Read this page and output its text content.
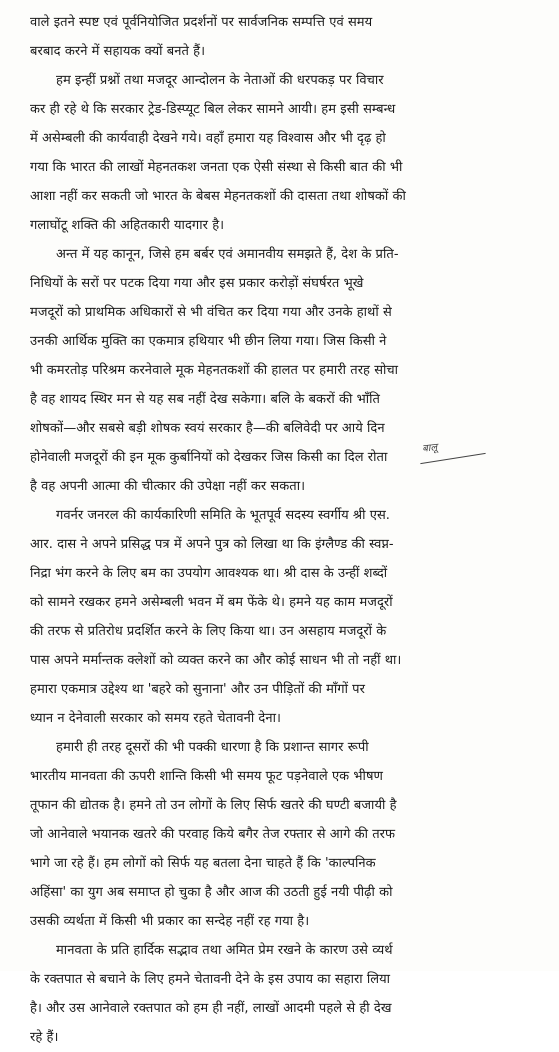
वाले इतने स्पष्ट एवं पूर्वनियोजित प्रदर्शनों पर सार्वजनिक सम्पत्ति एवं समय
बरबाद करने में सहायक क्यों बनते हैं।
हम इन्हीं प्रश्नों तथा मजदूर आन्दोलन के नेताओं की धरपकड़ पर विचार
कर ही रहे थे कि सरकार ट्रेड-डिस्प्यूट बिल लेकर सामने आयी। हम इसी सम्बन्ध
में असेम्बली की कार्यवाही देखने गये। वहाँ हमारा यह विश्वास और भी दृढ़ हो
गया कि भारत की लाखों मेहनतकश जनता एक ऐसी संस्था से किसी बात की भी
आशा नहीं कर सकती जो भारत के बेबस मेहनतकशों की दासता तथा शोषकों की
गलाघोंटू शक्ति की अहितकारी यादगार है।
अन्त में यह कानून, जिसे हम बर्बर एवं अमानवीय समझते हैं, देश के प्रति-
निधियों के सरों पर पटक दिया गया और इस प्रकार करोड़ों संघर्षरत भूखे
मजदूरों को प्राथमिक अधिकारों से भी वंचित कर दिया गया और उनके हाथों से
उनकी आर्थिक मुक्ति का एकमात्र हथियार भी छीन लिया गया। जिस किसी ने
भी कमरतोड़ परिश्रम करनेवाले मूक मेहनतकशों की हालत पर हमारी तरह सोचा
है वह शायद स्थिर मन से यह सब नहीं देख सकेगा। बलि के बकरों की भाँति
शोषकों—और सबसे बड़ी शोषक स्वयं सरकार है—की बलिवेदी पर आये दिन
होनेवाली मजदूरों की इन मूक कुर्बानियों को देखकर जिस किसी का दिल रोता
है वह अपनी आत्मा की चीत्कार की उपेक्षा नहीं कर सकता।
गवर्नर जनरल की कार्यकारिणी समिति के भूतपूर्व सदस्य स्वर्गीय श्री एस.
आर. दास ने अपने प्रसिद्ध पत्र में अपने पुत्र को लिखा था कि इंग्लैण्ड की स्वप्न-
निद्रा भंग करने के लिए बम का उपयोग आवश्यक था। श्री दास के उन्हीं शब्दों
को सामने रखकर हमने असेम्बली भवन में बम फेंके थे। हमने यह काम मजदूरों
की तरफ से प्रतिरोध प्रदर्शित करने के लिए किया था। उन असहाय मजदूरों के
पास अपने मर्मान्तक क्लेशों को व्यक्त करने का और कोई साधन भी तो नहीं था।
हमारा एकमात्र उद्देश्य था 'बहरे को सुनाना' और उन पीड़ितों की माँगों पर
ध्यान न देनेवाली सरकार को समय रहते चेतावनी देना।
हमारी ही तरह दूसरों की भी पक्की धारणा है कि प्रशान्त सागर रूपी
भारतीय मानवता की ऊपरी शान्ति किसी भी समय फूट पड़नेवाले एक भीषण
तूफान की द्योतक है। हमने तो उन लोगों के लिए सिर्फ खतरे की घण्टी बजायी है
जो आनेवाले भयानक खतरे की परवाह किये बगैर तेज रफ्तार से आगे की तरफ
भागे जा रहे हैं। हम लोगों को सिर्फ यह बतला देना चाहते हैं कि 'काल्पनिक
अहिंसा' का युग अब समाप्त हो चुका है और आज की उठती हुई नयी पीढ़ी को
उसकी व्यर्थता में किसी भी प्रकार का सन्देह नहीं रह गया है।
मानवता के प्रति हार्दिक सद्भाव तथा अमित प्रेम रखने के कारण उसे व्यर्थ
के रक्तपात से बचाने के लिए हमने चेतावनी देने के इस उपाय का सहारा लिया
है। और उस आनेवाले रक्तपात को हम ही नहीं, लाखों आदमी पहले से ही देख
रहे हैं।
बालू
